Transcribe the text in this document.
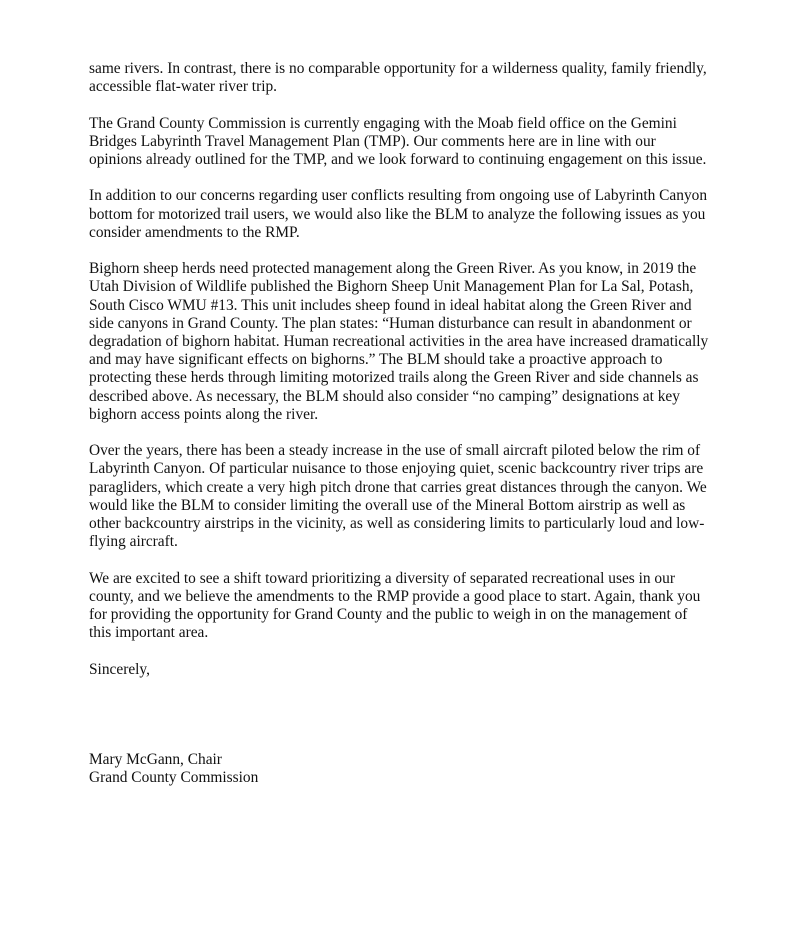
same rivers. In contrast, there is no comparable opportunity for a wilderness quality, family friendly, accessible flat-water river trip.

The Grand County Commission is currently engaging with the Moab field office on the Gemini Bridges Labyrinth Travel Management Plan (TMP). Our comments here are in line with our opinions already outlined for the TMP, and we look forward to continuing engagement on this issue.

In addition to our concerns regarding user conflicts resulting from ongoing use of Labyrinth Canyon bottom for motorized trail users, we would also like the BLM to analyze the following issues as you consider amendments to the RMP.

Bighorn sheep herds need protected management along the Green River. As you know, in 2019 the Utah Division of Wildlife published the Bighorn Sheep Unit Management Plan for La Sal, Potash, South Cisco WMU #13. This unit includes sheep found in ideal habitat along the Green River and side canyons in Grand County. The plan states: “Human disturbance can result in abandonment or degradation of bighorn habitat. Human recreational activities in the area have increased dramatically and may have significant effects on bighorns.” The BLM should take a proactive approach to protecting these herds through limiting motorized trails along the Green River and side channels as described above. As necessary, the BLM should also consider “no camping” designations at key bighorn access points along the river.

Over the years, there has been a steady increase in the use of small aircraft piloted below the rim of Labyrinth Canyon. Of particular nuisance to those enjoying quiet, scenic backcountry river trips are paragliders, which create a very high pitch drone that carries great distances through the canyon. We would like the BLM to consider limiting the overall use of the Mineral Bottom airstrip as well as other backcountry airstrips in the vicinity, as well as considering limits to particularly loud and low-flying aircraft.

We are excited to see a shift toward prioritizing a diversity of separated recreational uses in our county, and we believe the amendments to the RMP provide a good place to start. Again, thank you for providing the opportunity for Grand County and the public to weigh in on the management of this important area.

Sincerely,

Mary McGann, Chair

Grand County Commission
